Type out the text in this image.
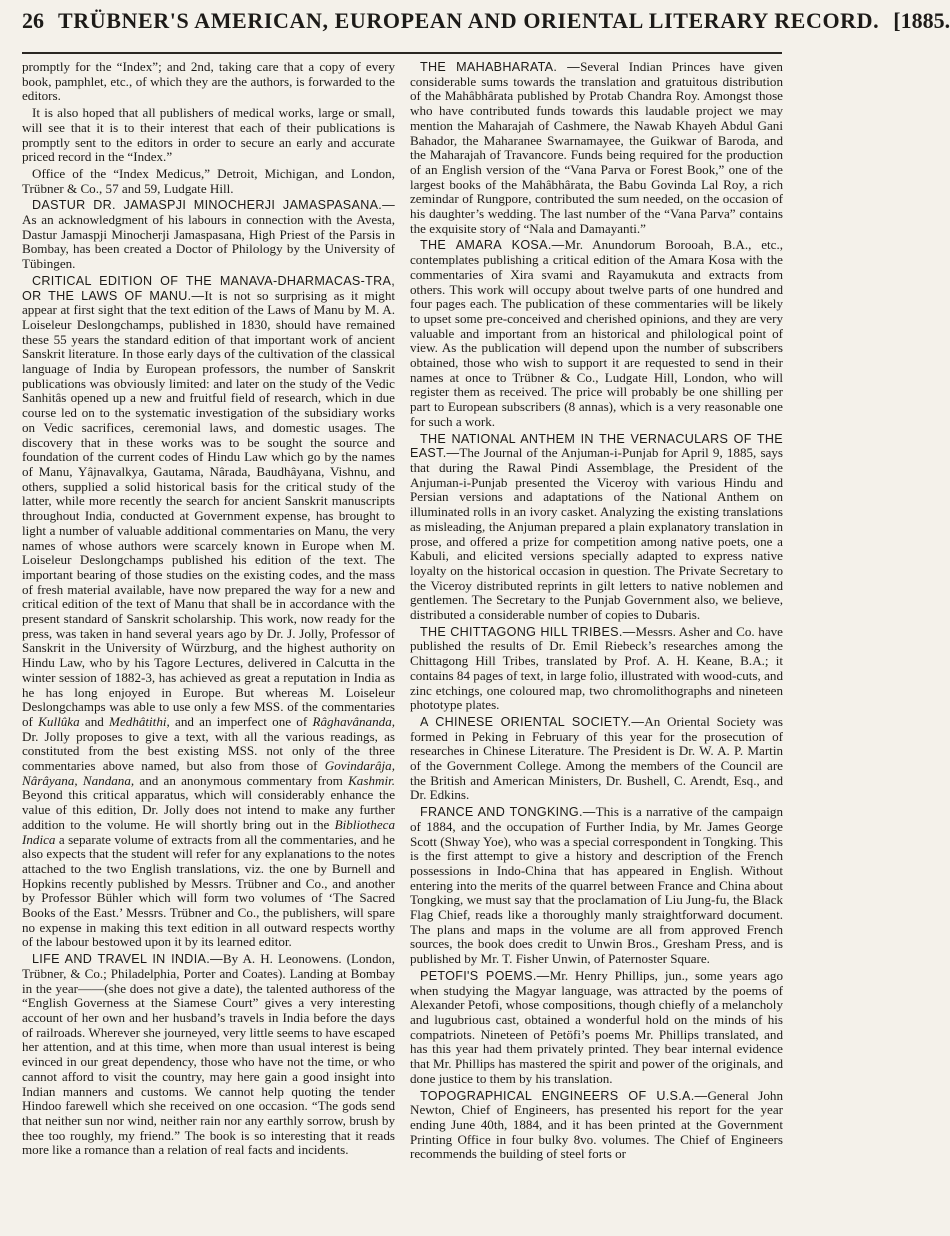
26 TRÜBNER'S AMERICAN, EUROPEAN AND ORIENTAL LITERARY RECORD. [1885.

promptly for the “Index”; and 2nd, taking care that a copy of every book, pamphlet, etc., of which they are the authors, is forwarded to the editors.

It is also hoped that all publishers of medical works, large or small, will see that it is to their interest that each of their publications is promptly sent to the editors in order to secure an early and accurate priced record in the “Index.”

Office of the “Index Medicus,” Detroit, Michigan, and London, Trübner & Co., 57 and 59, Ludgate Hill.

DASTUR DR. JAMASPJI MINOCHERJI JAMASPASANA.— As an acknowledgment of his labours in connection with the Avesta, Dastur Jamaspji Minocherji Jamaspasana, High Priest of the Parsis in Bombay, has been created a Doctor of Philology by the University of Tübingen.

CRITICAL EDITION OF THE MANAVA-DHARMACAS-TRA, OR THE LAWS OF MANU.—It is not so surprising as it might appear at first sight that the text edition of the Laws of Manu by M. A. Loiseleur Deslongchamps, published in 1830, should have remained these 55 years the standard edition of that important work of ancient Sanskrit literature. In those early days of the cultivation of the classical language of India by European professors, the number of Sanskrit publications was obviously limited: and later on the study of the Vedic Sanhitâs opened up a new and fruitful field of research, which in due course led on to the systematic investigation of the subsidiary works on Vedic sacrifices, ceremonial laws, and domestic usages. The discovery that in these works was to be sought the source and foundation of the current codes of Hindu Law which go by the names of Manu, Yâjnavalkya, Gautama, Nârada, Baudhâyana, Vishnu, and others, supplied a solid historical basis for the critical study of the latter, while more recently the search for ancient Sanskrit manuscripts throughout India, conducted at Government expense, has brought to light a number of valuable additional commentaries on Manu, the very names of whose authors were scarcely known in Europe when M. Loiseleur Deslongchamps published his edition of the text. The important bearing of those studies on the existing codes, and the mass of fresh material available, have now prepared the way for a new and critical edition of the text of Manu that shall be in accordance with the present standard of Sanskrit scholarship. This work, now ready for the press, was taken in hand several years ago by Dr. J. Jolly, Professor of Sanskrit in the University of Würzburg, and the highest authority on Hindu Law, who by his Tagore Lectures, delivered in Calcutta in the winter session of 1882-3, has achieved as great a reputation in India as he has long enjoyed in Europe. But whereas M. Loiseleur Deslongchamps was able to use only a few MSS. of the commentaries of Kullûka and Medhâtithi, and an imperfect one of Râghavânanda, Dr. Jolly proposes to give a text, with all the various readings, as constituted from the best existing MSS. not only of the three commentaries above named, but also from those of Govindarâja, Nârâyana, Nandana, and an anonymous commentary from Kashmir. Beyond this critical apparatus, which will considerably enhance the value of this edition, Dr. Jolly does not intend to make any further addition to the volume. He will shortly bring out in the Bibliotheca Indica a separate volume of extracts from all the commentaries, and he also expects that the student will refer for any explanations to the notes attached to the two English translations, viz. the one by Burnell and Hopkins recently published by Messrs. Trübner and Co., and another by Professor Bühler which will form two volumes of ‘The Sacred Books of the East.’ Messrs. Trübner and Co., the publishers, will spare no expense in making this text edition in all outward respects worthy of the labour bestowed upon it by its learned editor.

LIFE AND TRAVEL IN INDIA.—By A. H. Leonowens. (London, Trübner, & Co.; Philadelphia, Porter and Coates). Landing at Bombay in the year——(she does not give a date), the talented authoress of the “English Governess at the Siamese Court” gives a very interesting account of her own and her husband’s travels in India before the days of railroads. Wherever she journeyed, very little seems to have escaped her attention, and at this time, when more than usual interest is being evinced in our great dependency, those who have not the time, or who cannot afford to visit the country, may here gain a good insight into Indian manners and customs. We cannot help quoting the tender Hindoo farewell which she received on one occasion. “The gods send that neither sun nor wind, neither rain nor any earthly sorrow, brush by thee too roughly, my friend.” The book is so interesting that it reads more like a romance than a relation of real facts and incidents.

THE MAHABHARATA. —Several Indian Princes have given considerable sums towards the translation and gratuitous distribution of the Mahâbhârata published by Protab Chandra Roy. Amongst those who have contributed funds towards this laudable project we may mention the Maharajah of Cashmere, the Nawab Khayeh Abdul Gani Bahador, the Maharanee Swarnamayee, the Guikwar of Baroda, and the Maharajah of Travancore. Funds being required for the production of an English version of the “Vana Parva or Forest Book,” one of the largest books of the Mahâbhârata, the Babu Govinda Lal Roy, a rich zemindar of Rungpore, contributed the sum needed, on the occasion of his daughter’s wedding. The last number of the “Vana Parva” contains the exquisite story of “Nala and Damayanti.”

THE AMARA KOSA.—Mr. Anundorum Borooah, B.A., etc., contemplates publishing a critical edition of the Amara Kosa with the commentaries of Xira svami and Rayamukuta and extracts from others. This work will occupy about twelve parts of one hundred and four pages each. The publication of these commentaries will be likely to upset some pre-conceived and cherished opinions, and they are very valuable and important from an historical and philological point of view. As the publication will depend upon the number of subscribers obtained, those who wish to support it are requested to send in their names at once to Trübner & Co., Ludgate Hill, London, who will register them as received. The price will probably be one shilling per part to European subscribers (8 annas), which is a very reasonable one for such a work.

THE NATIONAL ANTHEM IN THE VERNACULARS OF THE EAST.—The Journal of the Anjuman-i-Punjab for April 9, 1885, says that during the Rawal Pindi Assemblage, the President of the Anjuman-i-Punjab presented the Viceroy with various Hindu and Persian versions and adaptations of the National Anthem on illuminated rolls in an ivory casket. Analyzing the existing translations as misleading, the Anjuman prepared a plain explanatory translation in prose, and offered a prize for competition among native poets, one a Kabuli, and elicited versions specially adapted to express native loyalty on the historical occasion in question. The Private Secretary to the Viceroy distributed reprints in gilt letters to native noblemen and gentlemen. The Secretary to the Punjab Government also, we believe, distributed a considerable number of copies to Dubaris.

THE CHITTAGONG HILL TRIBES.—Messrs. Asher and Co. have published the results of Dr. Emil Riebeck’s researches among the Chittagong Hill Tribes, translated by Prof. A. H. Keane, B.A.; it contains 84 pages of text, in large folio, illustrated with wood-cuts, and zinc etchings, one coloured map, two chromolithographs and nineteen phototype plates.

A CHINESE ORIENTAL SOCIETY.—An Oriental Society was formed in Peking in February of this year for the prosecution of researches in Chinese Literature. The President is Dr. W. A. P. Martin of the Government College. Among the members of the Council are the British and American Ministers, Dr. Bushell, C. Arendt, Esq., and Dr. Edkins.

FRANCE AND TONGKING.—This is a narrative of the campaign of 1884, and the occupation of Further India, by Mr. James George Scott (Shway Yoe), who was a special correspondent in Tongking. This is the first attempt to give a history and description of the French possessions in Indo-China that has appeared in English. Without entering into the merits of the quarrel between France and China about Tongking, we must say that the proclamation of Liu Jung-fu, the Black Flag Chief, reads like a thoroughly manly straightforward document. The plans and maps in the volume are all from approved French sources, the book does credit to Unwin Bros., Gresham Press, and is published by Mr. T. Fisher Unwin, of Paternoster Square.

PETOFI'S POEMS.—Mr. Henry Phillips, jun., some years ago when studying the Magyar language, was attracted by the poems of Alexander Petofi, whose compositions, though chiefly of a melancholy and lugubrious cast, obtained a wonderful hold on the minds of his compatriots. Nineteen of Petöfi’s poems Mr. Phillips translated, and has this year had them privately printed. They bear internal evidence that Mr. Phillips has mastered the spirit and power of the originals, and done justice to them by his translation.

TOPOGRAPHICAL ENGINEERS OF U.S.A.—General John Newton, Chief of Engineers, has presented his report for the year ending June 40th, 1884, and it has been printed at the Government Printing Office in four bulky 8vo. volumes. The Chief of Engineers recommends the building of steel forts or
